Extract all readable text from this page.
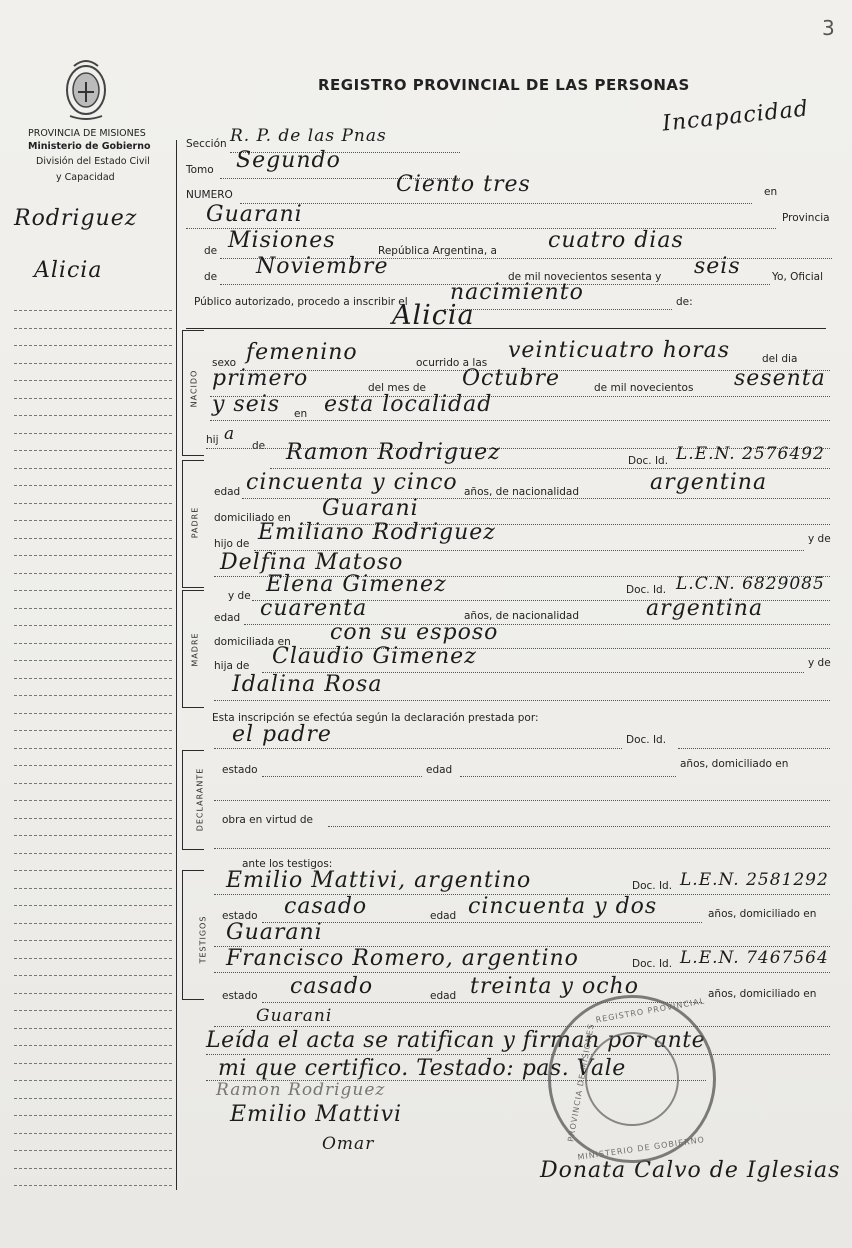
3
PROVINCIA DE MISIONES
Ministerio de Gobierno
División del Estado Civil
y Capacidad
REGISTRO PROVINCIAL DE LAS PERSONAS
Incapacidad
Rodriguez
Alicia
Sección R. P. de las Pnas
Tomo Segundo
NUMERO	Ciento tres	en
Guarani	Provincia
de Misiones	República Argentina, a cuatro dias
de Noviembre	de mil novecientos sesenta y seis	Yo, Oficial
Público autorizado, procedo a inscribir el nacimiento	de:
Alicia
NACIDO
sexo femenino	ocurrido a las veinticuatro horas	del dia
primero	del mes de Octubre	de mil novecientos sesenta
y seis en esta localidad
hij a
de
PADRE
Ramon Rodriguez	Doc. Id. L.E.N. 2576492
edad cincuenta y cinco años, de nacionalidad	argentina
domiciliado en Guarani
hijo de Emiliano Rodriguez	y de
Delfina Matoso
MADRE
y de Elena Gimenez	Doc. Id. L.C.N. 6829085
edad cuarenta	años, de nacionalidad	argentina
domiciliada en con su esposo
hija de Claudio Gimenez	y de
Idalina Rosa
Esta inscripción se efectúa según la declaración prestada por:
DECLARANTE
el padre	Doc. Id.
estado	edad	años, domiciliado en
obra en virtud de
ante los testigos:
TESTIGOS
Emilio Mattivi, argentino	Doc. Id. L.E.N. 2581292
estado casado	edad cincuenta y dos	años, domiciliado en
Guarani
Francisco Romero, argentino	Doc. Id. L.E.N. 7467564
estado casado	edad treinta y ocho	años, domiciliado en
Guarani
Leída el acta se ratifican y firman por ante
mi que certifico. Testado: pas. Vale
Ramon Rodriguez
Emilio Mattivi
Omar
Donata Calvo de Iglesias
REGISTRO PROVINCIAL
PROVINCIA DE MISIONES
MINISTERIO DE GOBIERNO
